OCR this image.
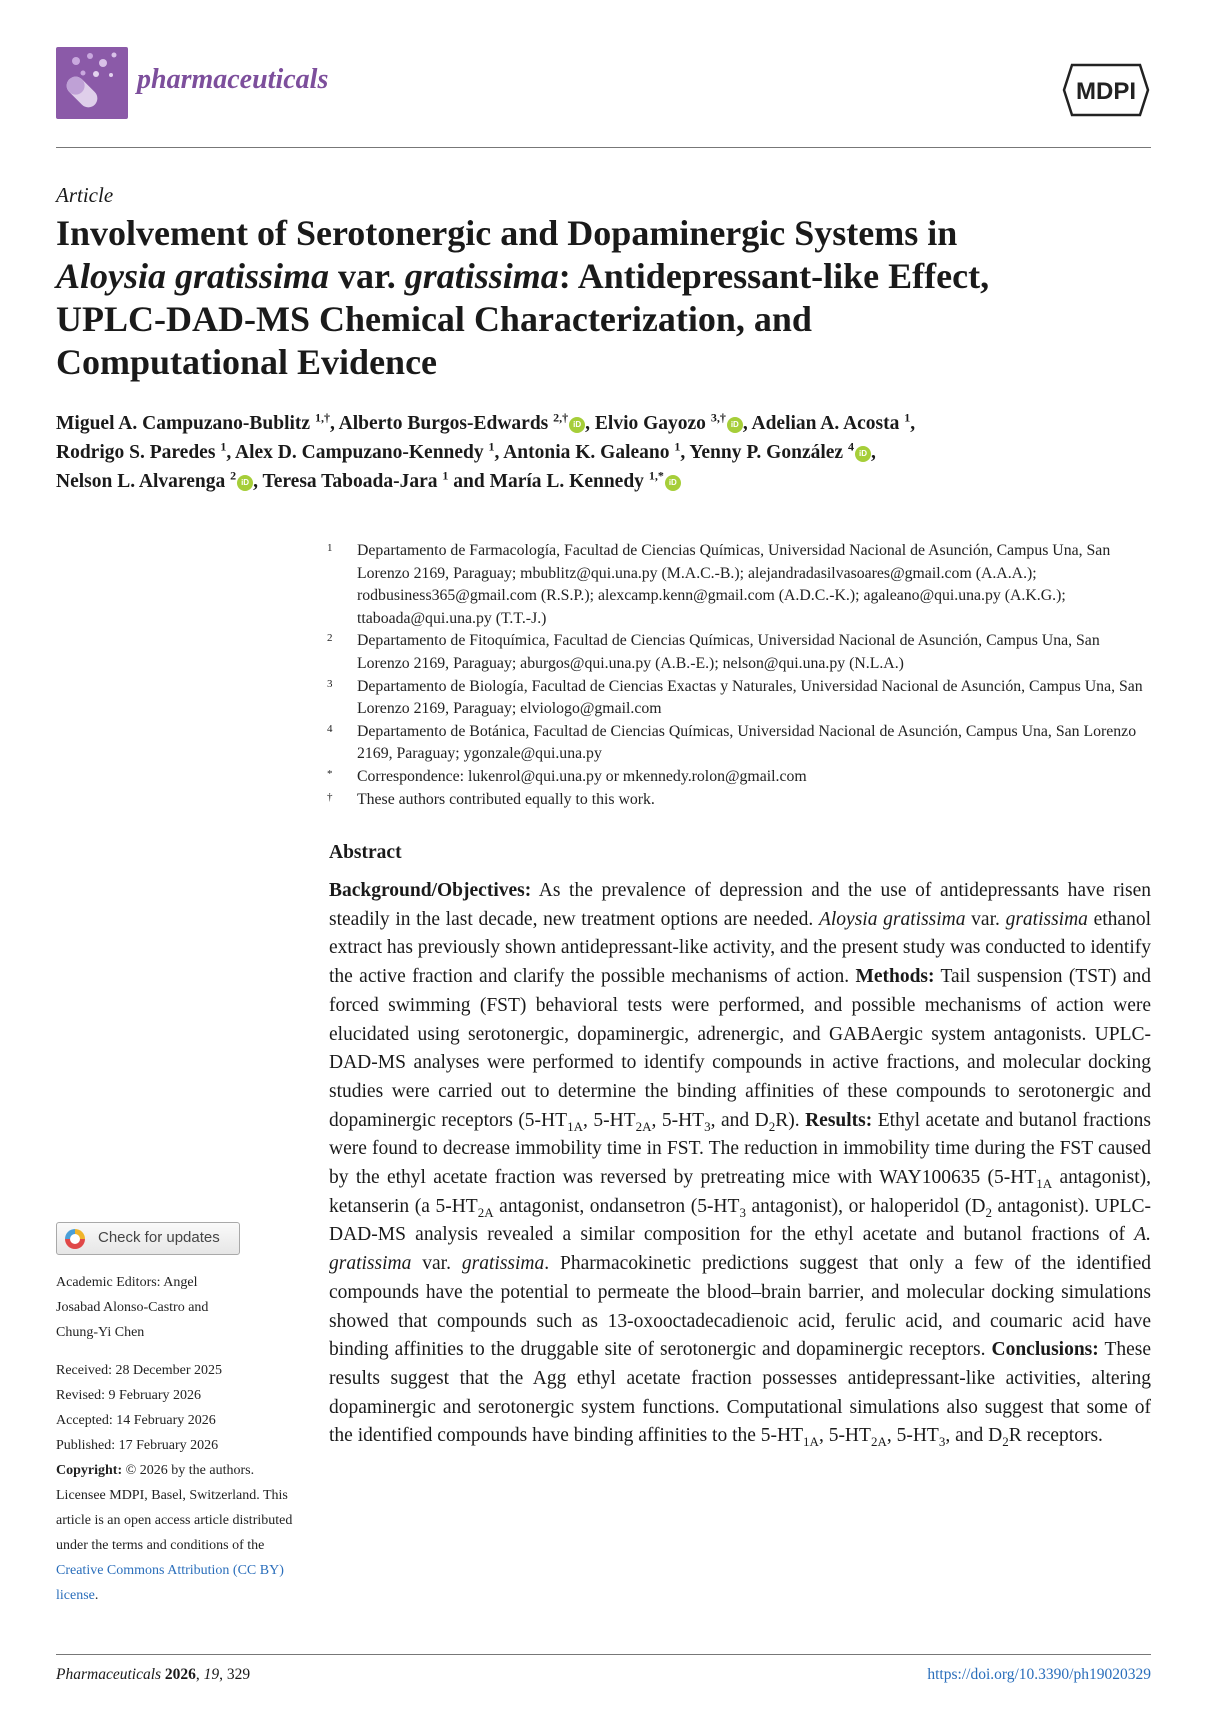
pharmaceuticals	MDPI
Article
Involvement of Serotonergic and Dopaminergic Systems in
Aloysia gratissima var. gratissima: Antidepressant-like Effect,
UPLC-DAD-MS Chemical Characterization, and
Computational Evidence
Miguel A. Campuzano-Bublitz $^{1,\dagger}$, Alberto Burgos-Edwards $^{2,\dagger}$ iD , Elvio Gayozo $^{3,\dagger}$ iD , Adelian A. Acosta $^1$,
Rodrigo S. Paredes $^1$, Alex D. Campuzano-Kennedy $^1$, Antonia K. Galeano $^1$, Yenny P. González $^4$ iD ,
Nelson L. Alvarenga $^2$ iD , Teresa Taboada-Jara $^1$ and María L. Kennedy $^{1,*}$ iD
1 Departamento de Farmacología, Facultad de Ciencias Químicas, Universidad Nacional de Asunción, Campus Una, San Lorenzo 2169, Paraguay; mbublitz@qui.una.py (M.A.C.-B.); alejandradasilvasoares@gmail.com (A.A.A.); rodbusiness365@gmail.com (R.S.P.); alexcamp.kenn@gmail.com (A.D.C.-K.); agaleano@qui.una.py (A.K.G.); ttaboada@qui.una.py (T.T.-J.)
2 Departamento de Fitoquímica, Facultad de Ciencias Químicas, Universidad Nacional de Asunción, Campus Una, San Lorenzo 2169, Paraguay; aburgos@qui.una.py (A.B.-E.); nelson@qui.una.py (N.L.A.)
3 Departamento de Biología, Facultad de Ciencias Exactas y Naturales, Universidad Nacional de Asunción, Campus Una, San Lorenzo 2169, Paraguay; elviologo@gmail.com
4 Departamento de Botánica, Facultad de Ciencias Químicas, Universidad Nacional de Asunción, Campus Una, San Lorenzo 2169, Paraguay; ygonzale@qui.una.py
* Correspondence: lukenrol@qui.una.py or mkennedy.rolon@gmail.com
† These authors contributed equally to this work.
Abstract
Background/Objectives: As the prevalence of depression and the use of antidepressants have risen steadily in the last decade, new treatment options are needed. Aloysia gratissima var. gratissima ethanol extract has previously shown antidepressant-like activity, and the present study was conducted to identify the active fraction and clarify the possible mechanisms of action. Methods: Tail suspension (TST) and forced swimming (FST) behavioral tests were performed, and possible mechanisms of action were elucidated using serotonergic, dopaminergic, adrenergic, and GABAergic system antagonists. UPLC-DAD-MS analyses were performed to identify compounds in active fractions, and molecular docking studies were carried out to determine the binding affinities of these compounds to serotonergic and dopaminergic receptors ($5-HT_{1A}$, $5-HT_{2A}$, $5-HT_3$, and $D_2R$). Results: Ethyl acetate and butanol fractions were found to decrease immobility time in FST. The reduction in immobility time during the FST caused by the ethyl acetate fraction was reversed by pretreating mice with WAY100635 ($5-HT_{1A}$ antagonist), ketanserin (a $5-HT_{2A}$ antagonist, ondansetron ($5-HT_3$ antagonist), or haloperidol ($D_2$ antagonist). UPLC-DAD-MS analysis revealed a similar composition for the ethyl acetate and butanol fractions of A. gratissima var. gratissima. Pharmacokinetic predictions suggest that only a few of the identified compounds have the potential to permeate the blood–brain barrier, and molecular docking simulations showed that compounds such as 13-oxooctadecadienoic acid, ferulic acid, and coumaric acid have binding affinities to the druggable site of serotonergic and dopaminergic receptors. Conclusions: These results suggest that the Agg ethyl acetate fraction possesses antidepressant-like activities, altering dopaminergic and serotonergic system functions. Computational simulations also suggest that some of the identified compounds have binding affinities to the $5-HT_{1A}$, $5-HT_{2A}$, $5-HT_3$, and $D_2R$ receptors.
Check for updates
Academic Editors: Angel Josabad Alonso-Castro and Chung-Yi Chen
Received: 28 December 2025
Revised: 9 February 2026
Accepted: 14 February 2026
Published: 17 February 2026
Copyright: © 2026 by the authors. Licensee MDPI, Basel, Switzerland. This article is an open access article distributed under the terms and conditions of the Creative Commons Attribution (CC BY) license.
Pharmaceuticals 2026, 19, 329	https://doi.org/10.3390/ph19020329
